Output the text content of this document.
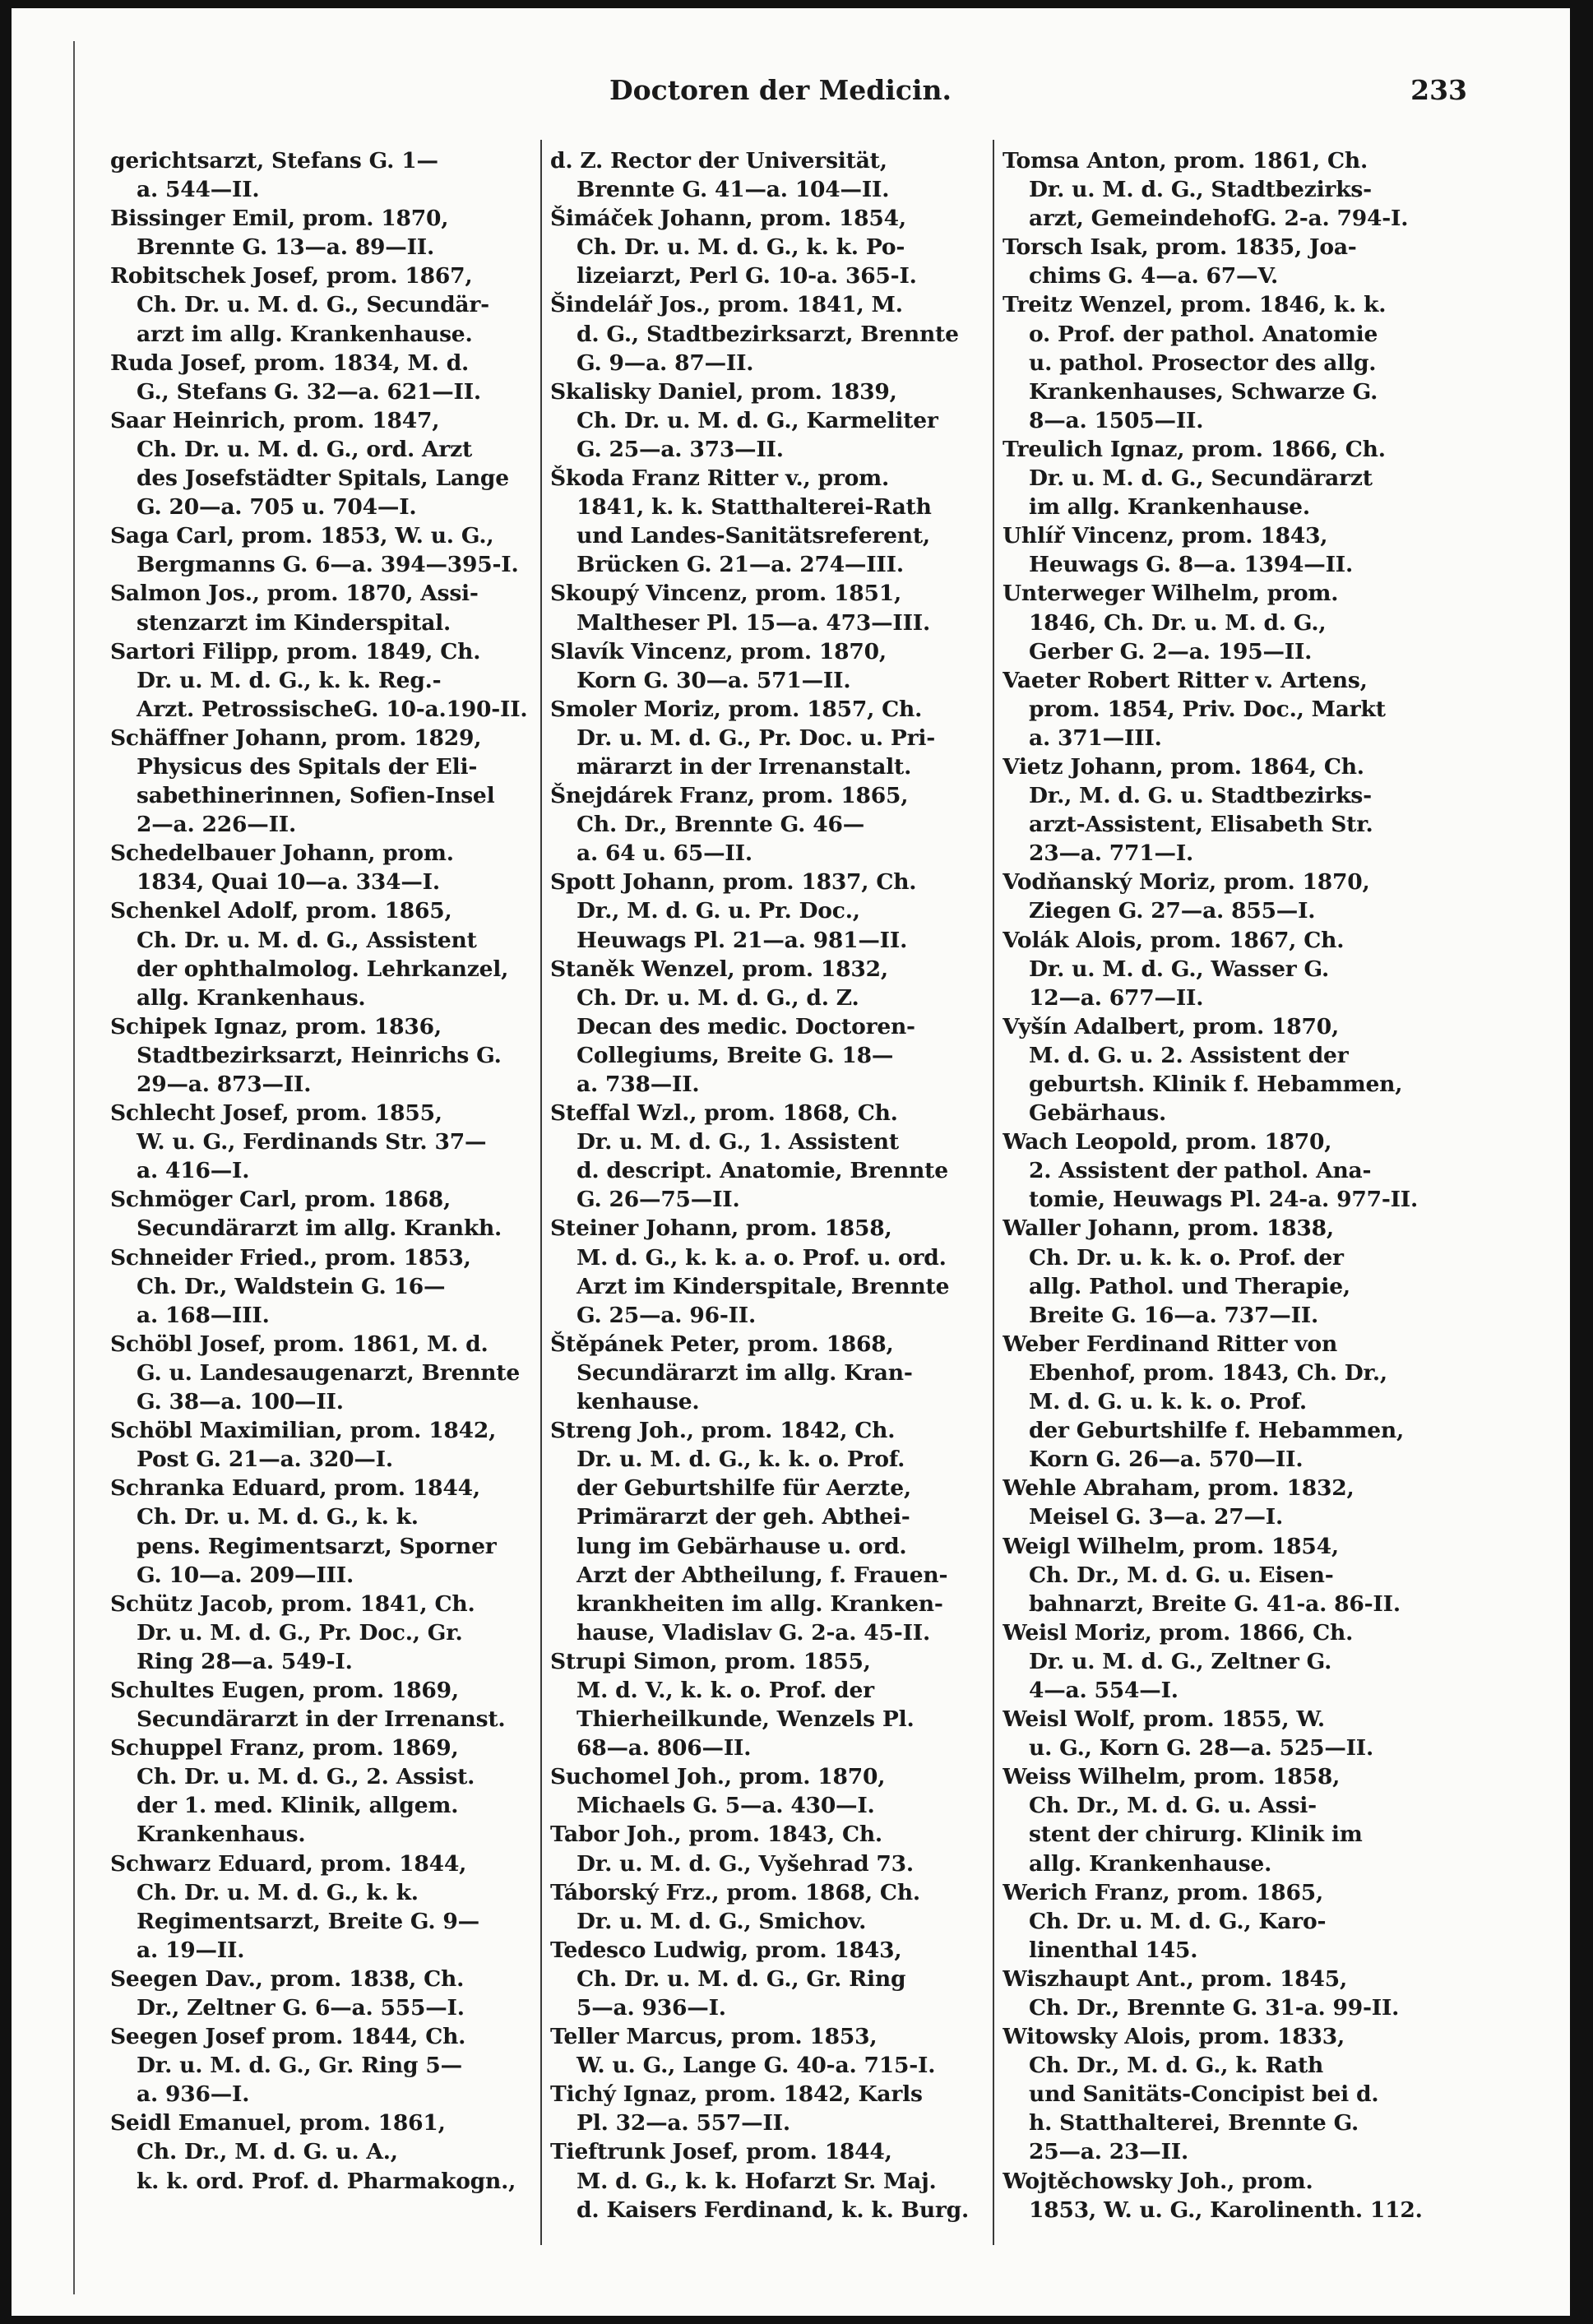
Doctoren der Medicin.	233
gerichtsarzt, Stefans G. 1—
a. 544—II.
Bissinger Emil, prom. 1870,
Brennte G. 13—a. 89—II.
Robitschek Josef, prom. 1867,
Ch. Dr. u. M. d. G., Secundär-
arzt im allg. Krankenhause.
Ruda Josef, prom. 1834, M. d.
G., Stefans G. 32—a. 621—II.
Saar Heinrich, prom. 1847,
Ch. Dr. u. M. d. G., ord. Arzt
des Josefstädter Spitals, Lange
G. 20—a. 705 u. 704—I.
Saga Carl, prom. 1853, W. u. G.,
Bergmanns G. 6—a. 394—395-I.
Salmon Jos., prom. 1870, Assi-
stenzarzt im Kinderspital.
Sartori Filipp, prom. 1849, Ch.
Dr. u. M. d. G., k. k. Reg.-
Arzt. PetrossischeG. 10-a.190-II.
Schäffner Johann, prom. 1829,
Physicus des Spitals der Eli-
sabethinerinnen, Sofien-Insel
2—a. 226—II.
Schedelbauer Johann, prom.
1834, Quai 10—a. 334—I.
Schenkel Adolf, prom. 1865,
Ch. Dr. u. M. d. G., Assistent
der ophthalmolog. Lehrkanzel,
allg. Krankenhaus.
Schipek Ignaz, prom. 1836,
Stadtbezirksarzt, Heinrichs G.
29—a. 873—II.
Schlecht Josef, prom. 1855,
W. u. G., Ferdinands Str. 37—
a. 416—I.
Schmöger Carl, prom. 1868,
Secundärarzt im allg. Krankh.
Schneider Fried., prom. 1853,
Ch. Dr., Waldstein G. 16—
a. 168—III.
Schöbl Josef, prom. 1861, M. d.
G. u. Landesaugenarzt, Brennte
G. 38—a. 100—II.
Schöbl Maximilian, prom. 1842,
Post G. 21—a. 320—I.
Schranka Eduard, prom. 1844,
Ch. Dr. u. M. d. G., k. k.
pens. Regimentsarzt, Sporner
G. 10—a. 209—III.
Schütz Jacob, prom. 1841, Ch.
Dr. u. M. d. G., Pr. Doc., Gr.
Ring 28—a. 549-I.
Schultes Eugen, prom. 1869,
Secundärarzt in der Irrenanst.
Schuppel Franz, prom. 1869,
Ch. Dr. u. M. d. G., 2. Assist.
der 1. med. Klinik, allgem.
Krankenhaus.
Schwarz Eduard, prom. 1844,
Ch. Dr. u. M. d. G., k. k.
Regimentsarzt, Breite G. 9—
a. 19—II.
Seegen Dav., prom. 1838, Ch.
Dr., Zeltner G. 6—a. 555—I.
Seegen Josef prom. 1844, Ch.
Dr. u. M. d. G., Gr. Ring 5—
a. 936—I.
Seidl Emanuel, prom. 1861,
Ch. Dr., M. d. G. u. A.,
k. k. ord. Prof. d. Pharmakogn.,
d. Z. Rector der Universität,
Brennte G. 41—a. 104—II.
Šimáček Johann, prom. 1854,
Ch. Dr. u. M. d. G., k. k. Po-
lizeiarzt, Perl G. 10-a. 365-I.
Šindelář Jos., prom. 1841, M.
d. G., Stadtbezirksarzt, Brennte
G. 9—a. 87—II.
Skalisky Daniel, prom. 1839,
Ch. Dr. u. M. d. G., Karmeliter
G. 25—a. 373—II.
Škoda Franz Ritter v., prom.
1841, k. k. Statthalterei-Rath
und Landes-Sanitätsreferent,
Brücken G. 21—a. 274—III.
Skoupý Vincenz, prom. 1851,
Maltheser Pl. 15—a. 473—III.
Slavík Vincenz, prom. 1870,
Korn G. 30—a. 571—II.
Smoler Moriz, prom. 1857, Ch.
Dr. u. M. d. G., Pr. Doc. u. Pri-
märarzt in der Irrenanstalt.
Šnejdárek Franz, prom. 1865,
Ch. Dr., Brennte G. 46—
a. 64 u. 65—II.
Spott Johann, prom. 1837, Ch.
Dr., M. d. G. u. Pr. Doc.,
Heuwags Pl. 21—a. 981—II.
Staněk Wenzel, prom. 1832,
Ch. Dr. u. M. d. G., d. Z.
Decan des medic. Doctoren-
Collegiums, Breite G. 18—
a. 738—II.
Steffal Wzl., prom. 1868, Ch.
Dr. u. M. d. G., 1. Assistent
d. descript. Anatomie, Brennte
G. 26—75—II.
Steiner Johann, prom. 1858,
M. d. G., k. k. a. o. Prof. u. ord.
Arzt im Kinderspitale, Brennte
G. 25—a. 96-II.
Štěpánek Peter, prom. 1868,
Secundärarzt im allg. Kran-
kenhause.
Streng Joh., prom. 1842, Ch.
Dr. u. M. d. G., k. k. o. Prof.
der Geburtshilfe für Aerzte,
Primärarzt der geh. Abthei-
lung im Gebärhause u. ord.
Arzt der Abtheilung, f. Frauen-
krankheiten im allg. Kranken-
hause, Vladislav G. 2-a. 45-II.
Strupi Simon, prom. 1855,
M. d. V., k. k. o. Prof. der
Thierheilkunde, Wenzels Pl.
68—a. 806—II.
Suchomel Joh., prom. 1870,
Michaels G. 5—a. 430—I.
Tabor Joh., prom. 1843, Ch.
Dr. u. M. d. G., Vyšehrad 73.
Táborský Frz., prom. 1868, Ch.
Dr. u. M. d. G., Smichov.
Tedesco Ludwig, prom. 1843,
Ch. Dr. u. M. d. G., Gr. Ring
5—a. 936—I.
Teller Marcus, prom. 1853,
W. u. G., Lange G. 40-a. 715-I.
Tichý Ignaz, prom. 1842, Karls
Pl. 32—a. 557—II.
Tieftrunk Josef, prom. 1844,
M. d. G., k. k. Hofarzt Sr. Maj.
d. Kaisers Ferdinand, k. k. Burg.
Tomsa Anton, prom. 1861, Ch.
Dr. u. M. d. G., Stadtbezirks-
arzt, GemeindehofG. 2-a. 794-I.
Torsch Isak, prom. 1835, Joa-
chims G. 4—a. 67—V.
Treitz Wenzel, prom. 1846, k. k.
o. Prof. der pathol. Anatomie
u. pathol. Prosector des allg.
Krankenhauses, Schwarze G.
8—a. 1505—II.
Treulich Ignaz, prom. 1866, Ch.
Dr. u. M. d. G., Secundärarzt
im allg. Krankenhause.
Uhlíř Vincenz, prom. 1843,
Heuwags G. 8—a. 1394—II.
Unterweger Wilhelm, prom.
1846, Ch. Dr. u. M. d. G.,
Gerber G. 2—a. 195—II.
Vaeter Robert Ritter v. Artens,
prom. 1854, Priv. Doc., Markt
a. 371—III.
Vietz Johann, prom. 1864, Ch.
Dr., M. d. G. u. Stadtbezirks-
arzt-Assistent, Elisabeth Str.
23—a. 771—I.
Vodňanský Moriz, prom. 1870,
Ziegen G. 27—a. 855—I.
Volák Alois, prom. 1867, Ch.
Dr. u. M. d. G., Wasser G.
12—a. 677—II.
Vyšín Adalbert, prom. 1870,
M. d. G. u. 2. Assistent der
geburtsh. Klinik f. Hebammen,
Gebärhaus.
Wach Leopold, prom. 1870,
2. Assistent der pathol. Ana-
tomie, Heuwags Pl. 24-a. 977-II.
Waller Johann, prom. 1838,
Ch. Dr. u. k. k. o. Prof. der
allg. Pathol. und Therapie,
Breite G. 16—a. 737—II.
Weber Ferdinand Ritter von
Ebenhof, prom. 1843, Ch. Dr.,
M. d. G. u. k. k. o. Prof.
der Geburtshilfe f. Hebammen,
Korn G. 26—a. 570—II.
Wehle Abraham, prom. 1832,
Meisel G. 3—a. 27—I.
Weigl Wilhelm, prom. 1854,
Ch. Dr., M. d. G. u. Eisen-
bahnarzt, Breite G. 41-a. 86-II.
Weisl Moriz, prom. 1866, Ch.
Dr. u. M. d. G., Zeltner G.
4—a. 554—I.
Weisl Wolf, prom. 1855, W.
u. G., Korn G. 28—a. 525—II.
Weiss Wilhelm, prom. 1858,
Ch. Dr., M. d. G. u. Assi-
stent der chirurg. Klinik im
allg. Krankenhause.
Werich Franz, prom. 1865,
Ch. Dr. u. M. d. G., Karo-
linenthal 145.
Wiszhaupt Ant., prom. 1845,
Ch. Dr., Brennte G. 31-a. 99-II.
Witowsky Alois, prom. 1833,
Ch. Dr., M. d. G., k. Rath
und Sanitäts-Concipist bei d.
h. Statthalterei, Brennte G.
25—a. 23—II.
Wojtěchowsky Joh., prom.
1853, W. u. G., Karolinenth. 112.
